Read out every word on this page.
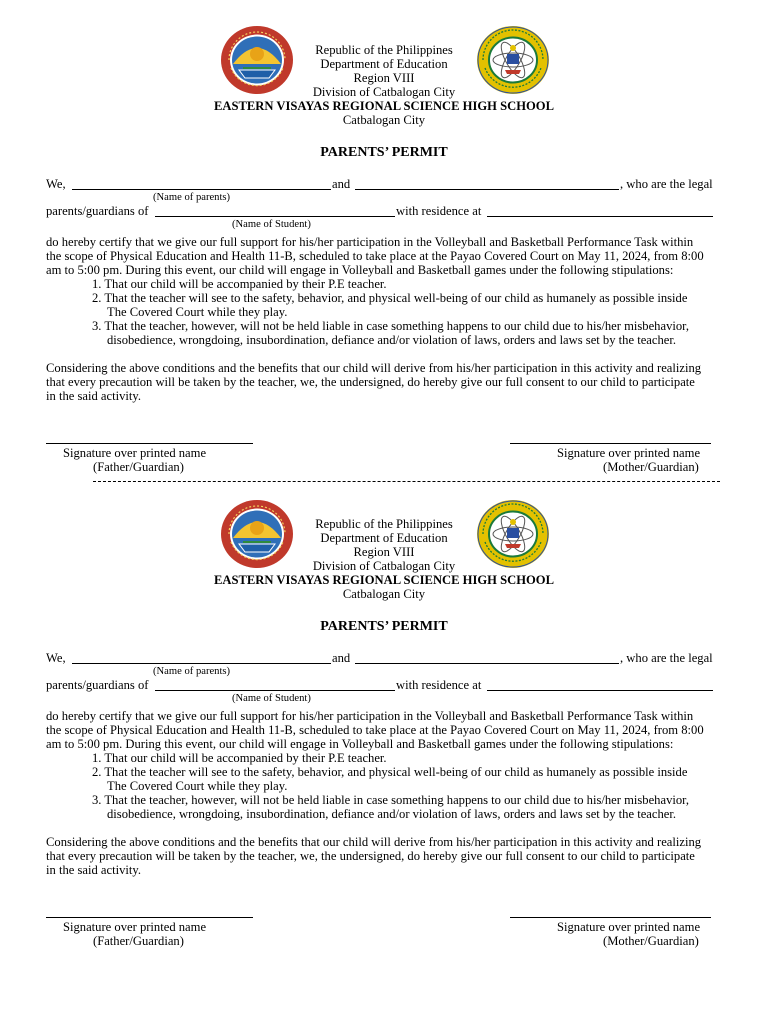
Republic of the Philippines
Department of Education
Region VIII
Division of Catbalogan City
EASTERN VISAYAS REGIONAL SCIENCE HIGH SCHOOL
Catbalogan City
PARENTS’ PERMIT
We,	and	, who are the legal
(Name of parents)
parents/guardians of	with residence at
(Name of Student)
do hereby certify that we give our full support for his/her participation in the Volleyball and Basketball Performance Task within
the scope of Physical Education and Health 11-B, scheduled to take place at the Payao Covered Court on May 11, 2024, from 8:00
am to 5:00 pm. During this event, our child will engage in Volleyball and Basketball games under the following stipulations:
1. That our child will be accompanied by their P.E teacher.
2. That the teacher will see to the safety, behavior, and physical well-being of our child as humanely as possible inside
The Covered Court while they play.
3. That the teacher, however, will not be held liable in case something happens to our child due to his/her misbehavior,
disobedience, wrongdoing, insubordination, defiance and/or violation of laws, orders and laws set by the teacher.
Considering the above conditions and the benefits that our child will derive from his/her participation in this activity and realizing
that every precaution will be taken by the teacher, we, the undersigned, do hereby give our full consent to our child to participate
in the said activity.
Signature over printed name
(Father/Guardian)
Signature over printed name
(Mother/Guardian)
Republic of the Philippines
Department of Education
Region VIII
Division of Catbalogan City
EASTERN VISAYAS REGIONAL SCIENCE HIGH SCHOOL
Catbalogan City
PARENTS’ PERMIT
We,	and	, who are the legal
(Name of parents)
parents/guardians of	with residence at
(Name of Student)
do hereby certify that we give our full support for his/her participation in the Volleyball and Basketball Performance Task within
the scope of Physical Education and Health 11-B, scheduled to take place at the Payao Covered Court on May 11, 2024, from 8:00
am to 5:00 pm. During this event, our child will engage in Volleyball and Basketball games under the following stipulations:
1. That our child will be accompanied by their P.E teacher.
2. That the teacher will see to the safety, behavior, and physical well-being of our child as humanely as possible inside
The Covered Court while they play.
3. That the teacher, however, will not be held liable in case something happens to our child due to his/her misbehavior,
disobedience, wrongdoing, insubordination, defiance and/or violation of laws, orders and laws set by the teacher.
Considering the above conditions and the benefits that our child will derive from his/her participation in this activity and realizing
that every precaution will be taken by the teacher, we, the undersigned, do hereby give our full consent to our child to participate
in the said activity.
Signature over printed name
(Father/Guardian)
Signature over printed name
(Mother/Guardian)
